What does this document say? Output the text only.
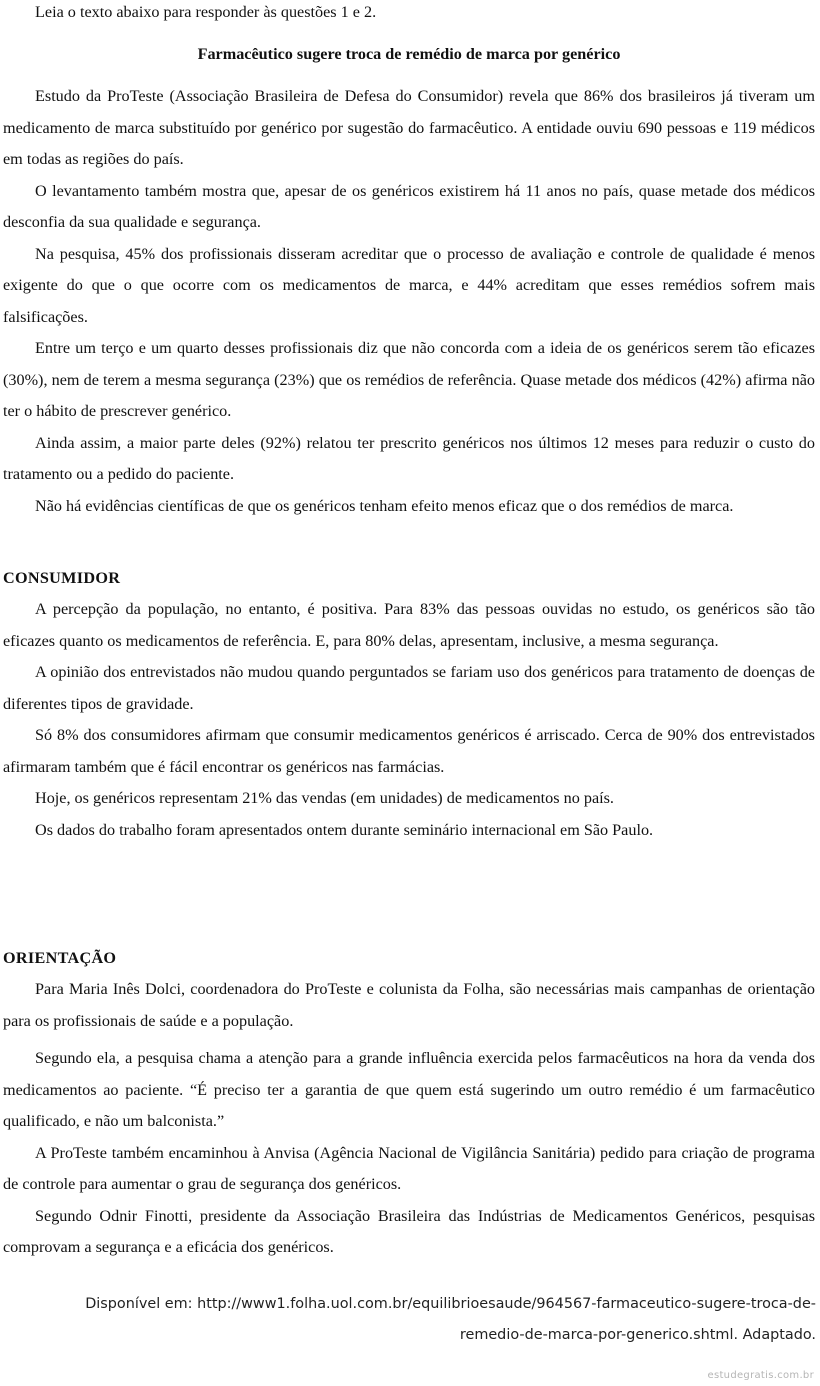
Leia o texto abaixo para responder às questões 1 e 2.

Farmacêutico sugere troca de remédio de marca por genérico

Estudo da ProTeste (Associação Brasileira de Defesa do Consumidor) revela que 86% dos brasileiros já tiveram um medicamento de marca substituído por genérico por sugestão do farmacêutico. A entidade ouviu 690 pessoas e 119 médicos em todas as regiões do país.

O levantamento também mostra que, apesar de os genéricos existirem há 11 anos no país, quase metade dos médicos desconfia da sua qualidade e segurança.

Na pesquisa, 45% dos profissionais disseram acreditar que o processo de avaliação e controle de qualidade é menos exigente do que o que ocorre com os medicamentos de marca, e 44% acreditam que esses remédios sofrem mais falsificações.

Entre um terço e um quarto desses profissionais diz que não concorda com a ideia de os genéricos serem tão eficazes (30%), nem de terem a mesma segurança (23%) que os remédios de referência. Quase metade dos médicos (42%) afirma não ter o hábito de prescrever genérico.

Ainda assim, a maior parte deles (92%) relatou ter prescrito genéricos nos últimos 12 meses para reduzir o custo do tratamento ou a pedido do paciente.

Não há evidências científicas de que os genéricos tenham efeito menos eficaz que o dos remédios de marca.

CONSUMIDOR

A percepção da população, no entanto, é positiva. Para 83% das pessoas ouvidas no estudo, os genéricos são tão eficazes quanto os medicamentos de referência. E, para 80% delas, apresentam, inclusive, a mesma segurança.

A opinião dos entrevistados não mudou quando perguntados se fariam uso dos genéricos para tratamento de doenças de diferentes tipos de gravidade.

Só 8% dos consumidores afirmam que consumir medicamentos genéricos é arriscado. Cerca de 90% dos entrevistados afirmaram também que é fácil encontrar os genéricos nas farmácias.

Hoje, os genéricos representam 21% das vendas (em unidades) de medicamentos no país.

Os dados do trabalho foram apresentados ontem durante seminário internacional em São Paulo.

ORIENTAÇÃO

Para Maria Inês Dolci, coordenadora do ProTeste e colunista da Folha, são necessárias mais campanhas de orientação para os profissionais de saúde e a população.

Segundo ela, a pesquisa chama a atenção para a grande influência exercida pelos farmacêuticos na hora da venda dos medicamentos ao paciente. “É preciso ter a garantia de que quem está sugerindo um outro remédio é um farmacêutico qualificado, e não um balconista.”

A ProTeste também encaminhou à Anvisa (Agência Nacional de Vigilância Sanitária) pedido para criação de programa de controle para aumentar o grau de segurança dos genéricos.

Segundo Odnir Finotti, presidente da Associação Brasileira das Indústrias de Medicamentos Genéricos, pesquisas comprovam a segurança e a eficácia dos genéricos.

Disponível em: http://www1.folha.uol.com.br/equilibrioesaude/964567-farmaceutico-sugere-troca-de-
remedio-de-marca-por-generico.shtml. Adaptado.
estudegratis.com.br
